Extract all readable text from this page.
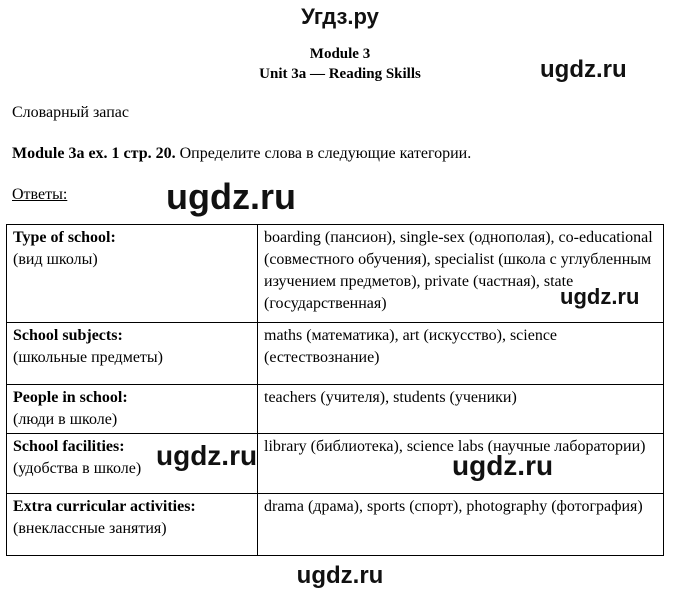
Угдз.ру
Module 3
Unit 3a — Reading Skills	ugdz.ru
Словарный запас
Module 3a ex. 1 стр. 20. Определите слова в следующие категории.
Ответы:	ugdz.ru
Type of school:
(вид школы)	boarding (пансион), single-sex (однополая), co-educational (совместного обучения), specialist (школа с углубленным изучением предметов), private (частная), state (государственная)

School subjects:
(школьные предметы)	maths (математика), art (искусство), science (естествознание)

People in school:
(люди в школе)	teachers (учителя), students (ученики)

School facilities:
(удобства в школе)	library (библиотека), science labs (научные лаборатории)

Extra curricular activities:
(внеклассные занятия)	drama (драма), sports (спорт), photography (фотография)
ugdz.ru
ugdz.ru	ugdz.ru
ugdz.ru
